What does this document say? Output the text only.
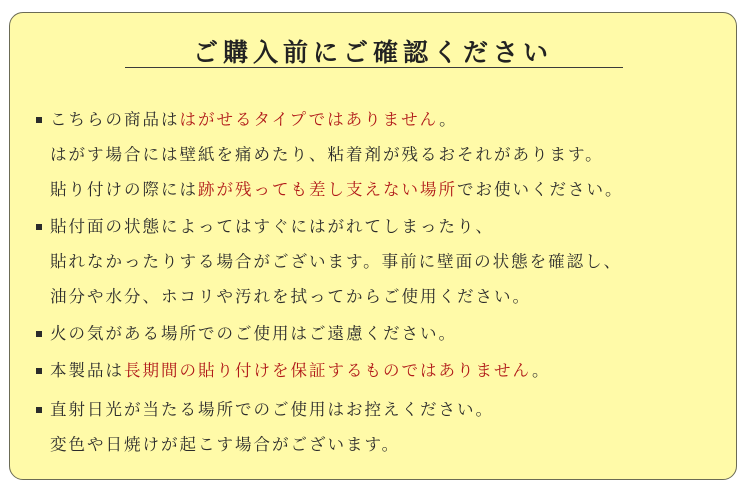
ご購入前にご確認ください
こちらの商品ははがせるタイプではありません。
はがす場合には壁紙を痛めたり、粘着剤が残るおそれがあります。
貼り付けの際には跡が残っても差し支えない場所でお使いください。
貼付面の状態によってはすぐにはがれてしまったり、
貼れなかったりする場合がございます。事前に壁面の状態を確認し、
油分や水分、ホコリや汚れを拭ってからご使用ください。
火の気がある場所でのご使用はご遠慮ください。
本製品は長期間の貼り付けを保証するものではありません。
直射日光が当たる場所でのご使用はお控えください。
変色や日焼けが起こす場合がございます。
